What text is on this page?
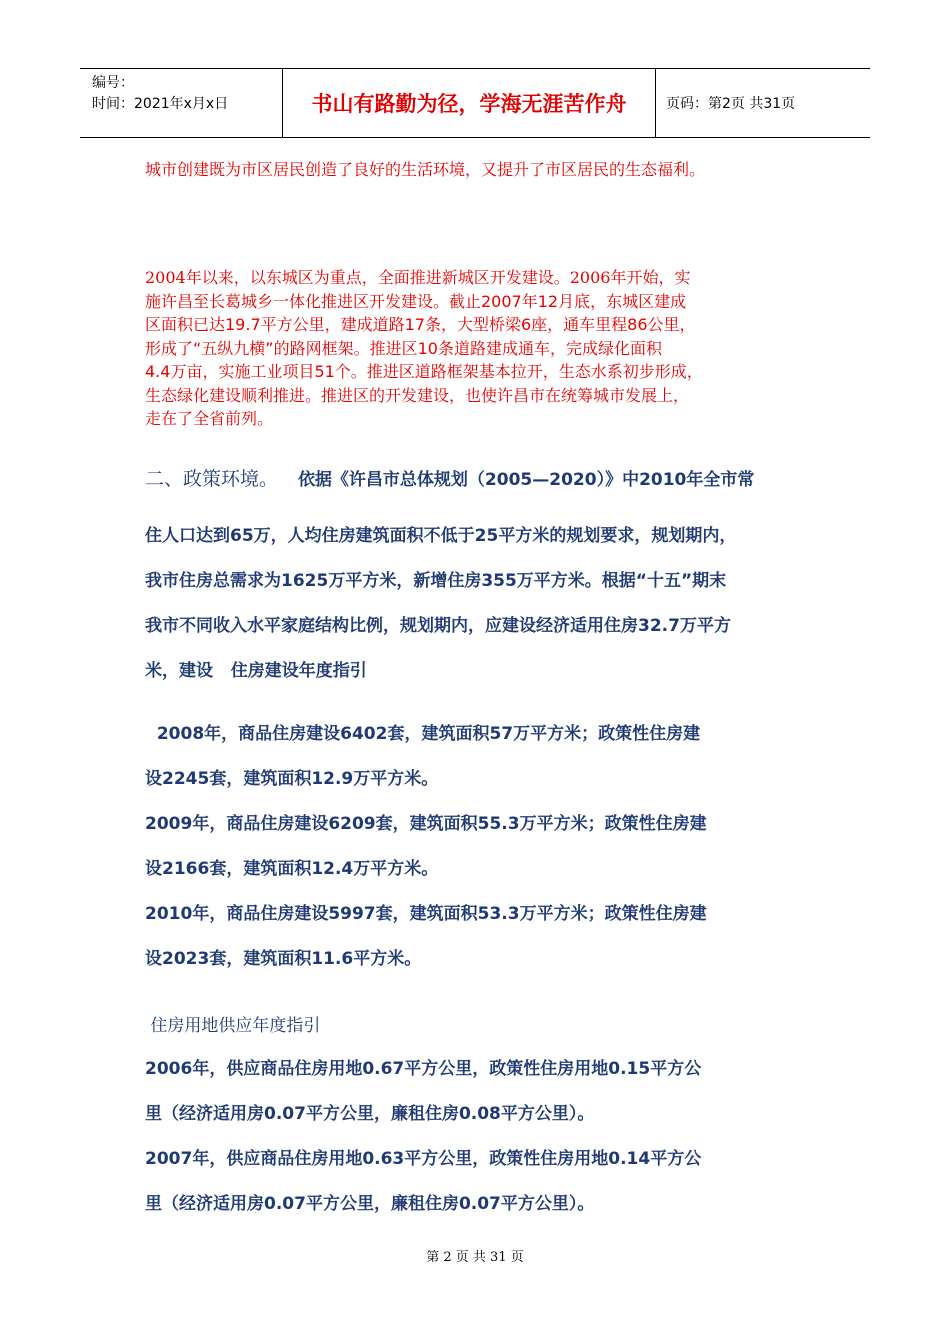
编号：
时间：2021年x月x日	书山有路勤为径，学海无涯苦作舟	页码：第2页 共31页
城市创建既为市区居民创造了良好的生活环境，又提升了市区居民的生态福利。
2004年以来，以东城区为重点，全面推进新城区开发建设。2006年开始，实
施许昌至长葛城乡一体化推进区开发建设。截止2007年12月底，东城区建成
区面积已达19.7平方公里，建成道路17条，大型桥梁6座，通车里程86公里，
形成了“五纵九横”的路网框架。推进区10条道路建成通车，完成绿化面积
4.4万亩，实施工业项目51个。推进区道路框架基本拉开，生态水系初步形成，
生态绿化建设顺利推进。推进区的开发建设，也使许昌市在统筹城市发展上，
走在了全省前列。
二、政策环境。 依据《许昌市总体规划（2005—2020）》中2010年全市常
住人口达到65万，人均住房建筑面积不低于25平方米的规划要求，规划期内，
我市住房总需求为1625万平方米，新增住房355万平方米。根据“十五”期末
我市不同收入水平家庭结构比例，规划期内，应建设经济适用住房32.7万平方
米，建设   住房建设年度指引
2008年，商品住房建设6402套，建筑面积57万平方米；政策性住房建
设2245套，建筑面积12.9万平方米。
2009年，商品住房建设6209套，建筑面积55.3万平方米；政策性住房建
设2166套，建筑面积12.4万平方米。
2010年，商品住房建设5997套，建筑面积53.3万平方米；政策性住房建
设2023套，建筑面积11.6平方米。
住房用地供应年度指引
2006年，供应商品住房用地0.67平方公里，政策性住房用地0.15平方公
里（经济适用房0.07平方公里，廉租住房0.08平方公里）。
2007年，供应商品住房用地0.63平方公里，政策性住房用地0.14平方公
里（经济适用房0.07平方公里，廉租住房0.07平方公里）。
第 2 页 共 31 页
